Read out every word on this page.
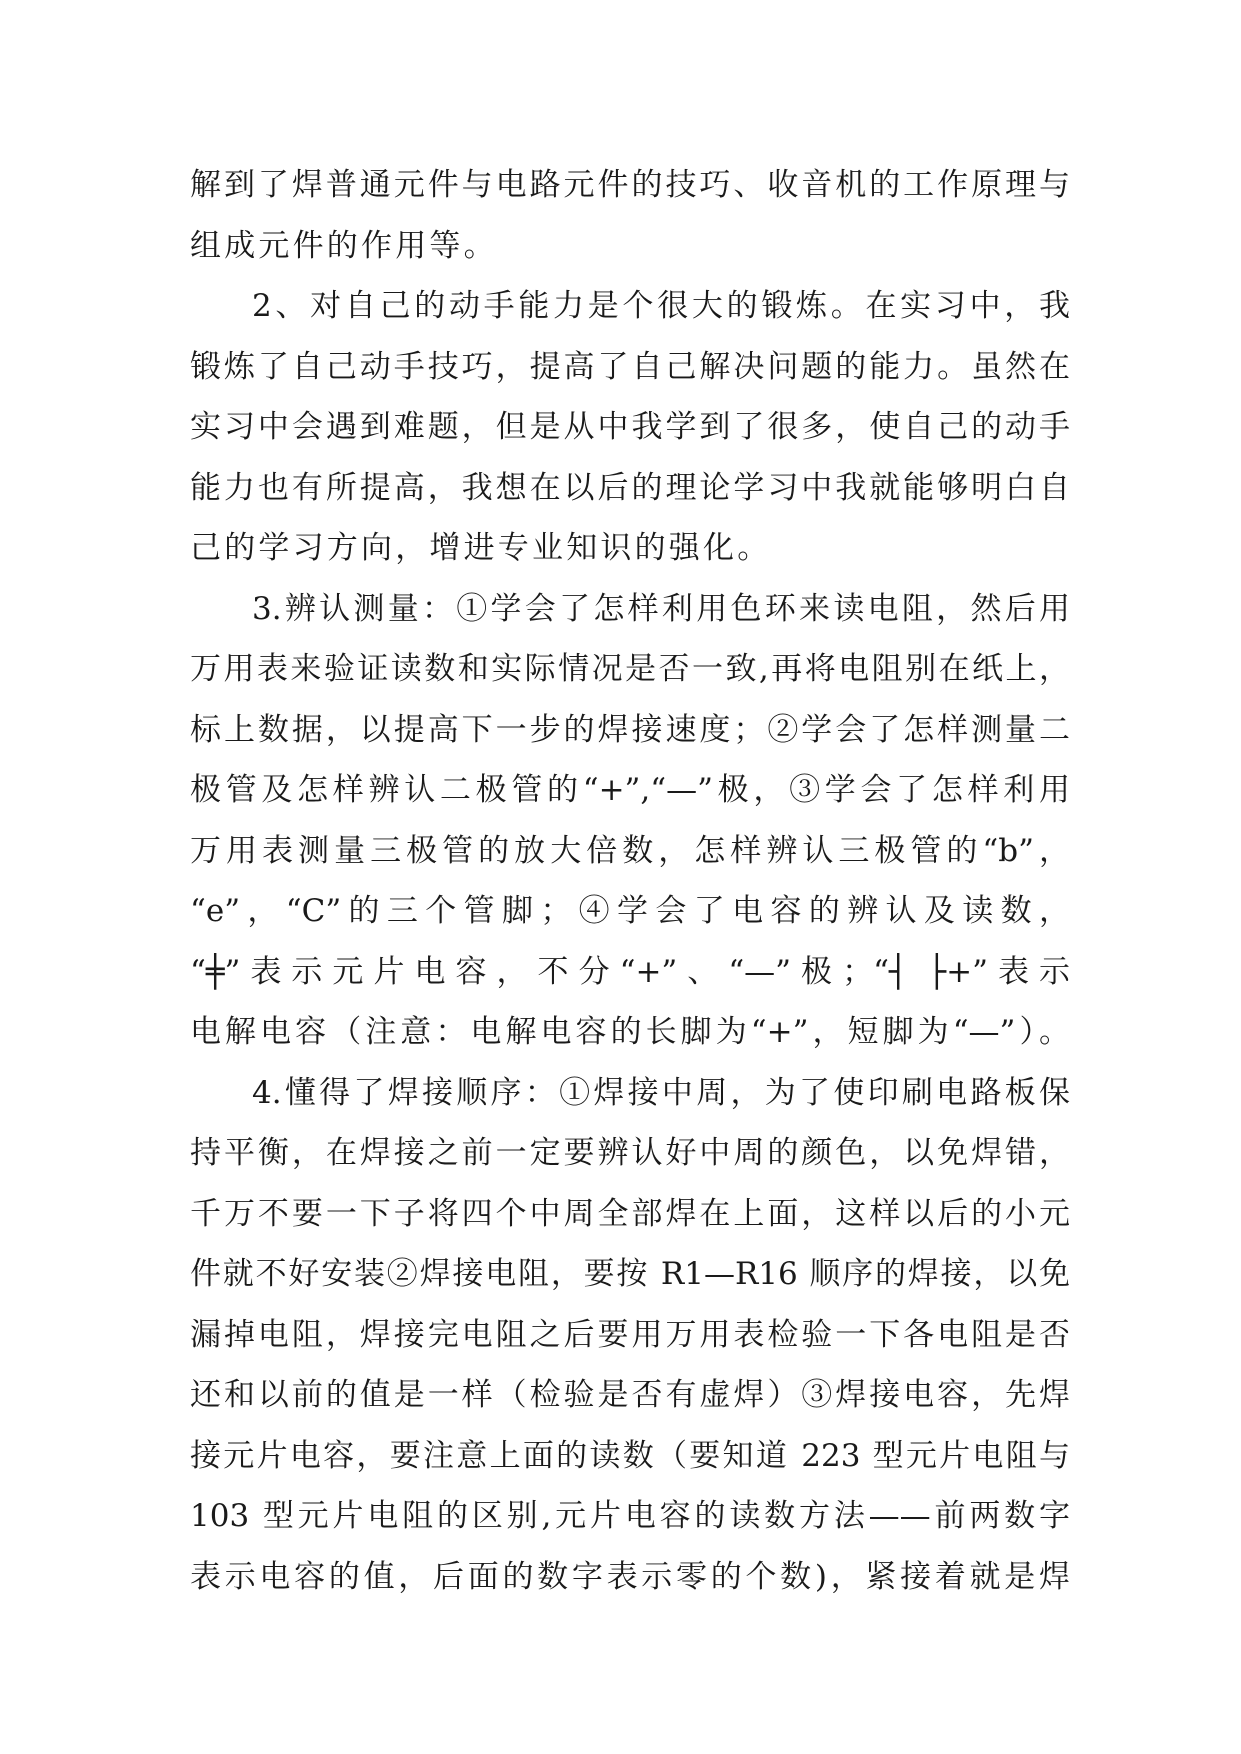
解到了焊普通元件与电路元件的技巧、收音机的工作原理与
组成元件的作用等。
2、对自己的动手能力是个很大的锻炼。在实习中，我
锻炼了自己动手技巧，提高了自己解决问题的能力。虽然在
实习中会遇到难题，但是从中我学到了很多，使自己的动手
能力也有所提高，我想在以后的理论学习中我就能够明白自
己的学习方向，增进专业知识的强化。
3.辨认测量：①学会了怎样利用色环来读电阻，然后用
万用表来验证读数和实际情况是否一致,再将电阻别在纸上，
标上数据，以提高下一步的焊接速度；②学会了怎样测量二
极管及怎样辨认二极管的“+”,“—”极，③学会了怎样利用
万用表测量三极管的放大倍数，怎样辨认三极管的“b”，
“e”，“C”的三个管脚；④学会了电容的辨认及读数，
“╪”表示元片电容，不分“+”、“—”极；“┤ ├+”表示
电解电容（注意：电解电容的长脚为“+”，短脚为“—”）。
4.懂得了焊接顺序：①焊接中周，为了使印刷电路板保
持平衡，在焊接之前一定要辨认好中周的颜色，以免焊错，
千万不要一下子将四个中周全部焊在上面，这样以后的小元
件就不好安装②焊接电阻，要按 R1—R16 顺序的焊接，以免
漏掉电阻，焊接完电阻之后要用万用表检验一下各电阻是否
还和以前的值是一样（检验是否有虚焊）③焊接电容，先焊
接元片电容，要注意上面的读数（要知道 223 型元片电阻与
103 型元片电阻的区别,元片电容的读数方法——前两数字
表示电容的值，后面的数字表示零的个数)，紧接着就是焊
